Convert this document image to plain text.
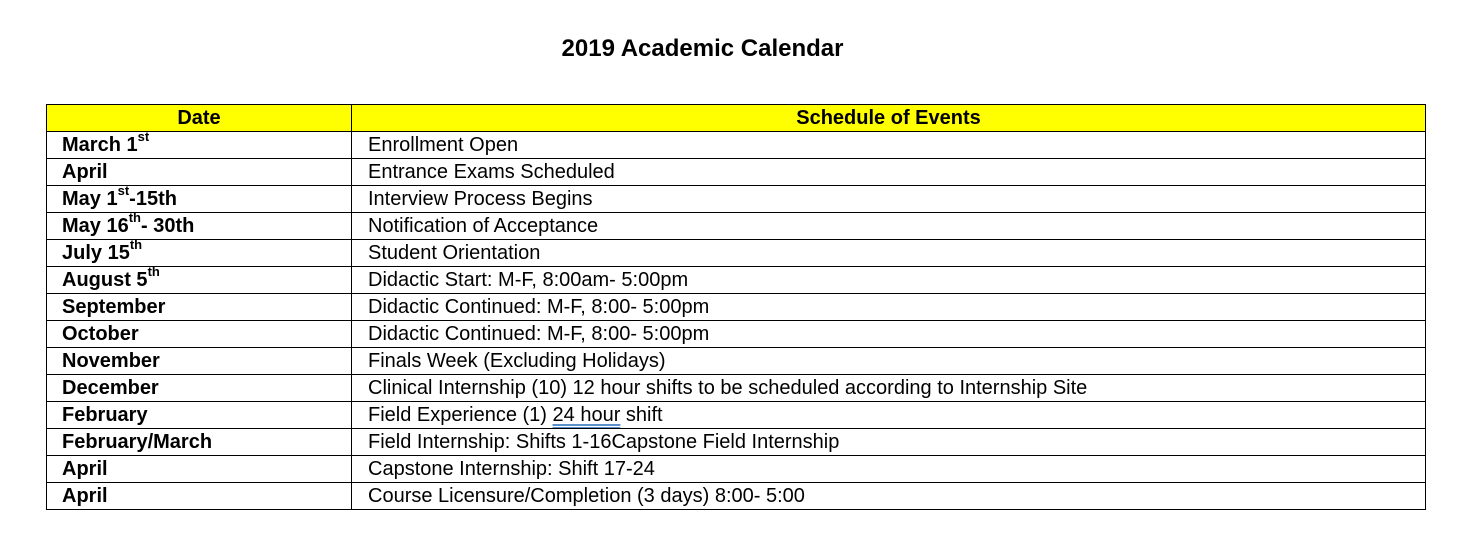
2019 Academic Calendar
Date	Schedule of Events
March 1st	Enrollment Open
April	Entrance Exams Scheduled
May 1st-15th	Interview Process Begins
May 16th- 30th	Notification of Acceptance
July 15th	Student Orientation
August 5th	Didactic Start: M-F, 8:00am- 5:00pm
September	Didactic Continued: M-F, 8:00- 5:00pm
October	Didactic Continued: M-F, 8:00- 5:00pm
November	Finals Week (Excluding Holidays)
December	Clinical Internship (10) 12 hour shifts to be scheduled according to Internship Site
February	Field Experience (1) 24 hour shift
February/March	Field Internship: Shifts 1-16Capstone Field Internship
April	Capstone Internship: Shift 17-24
April	Course Licensure/Completion (3 days) 8:00- 5:00
